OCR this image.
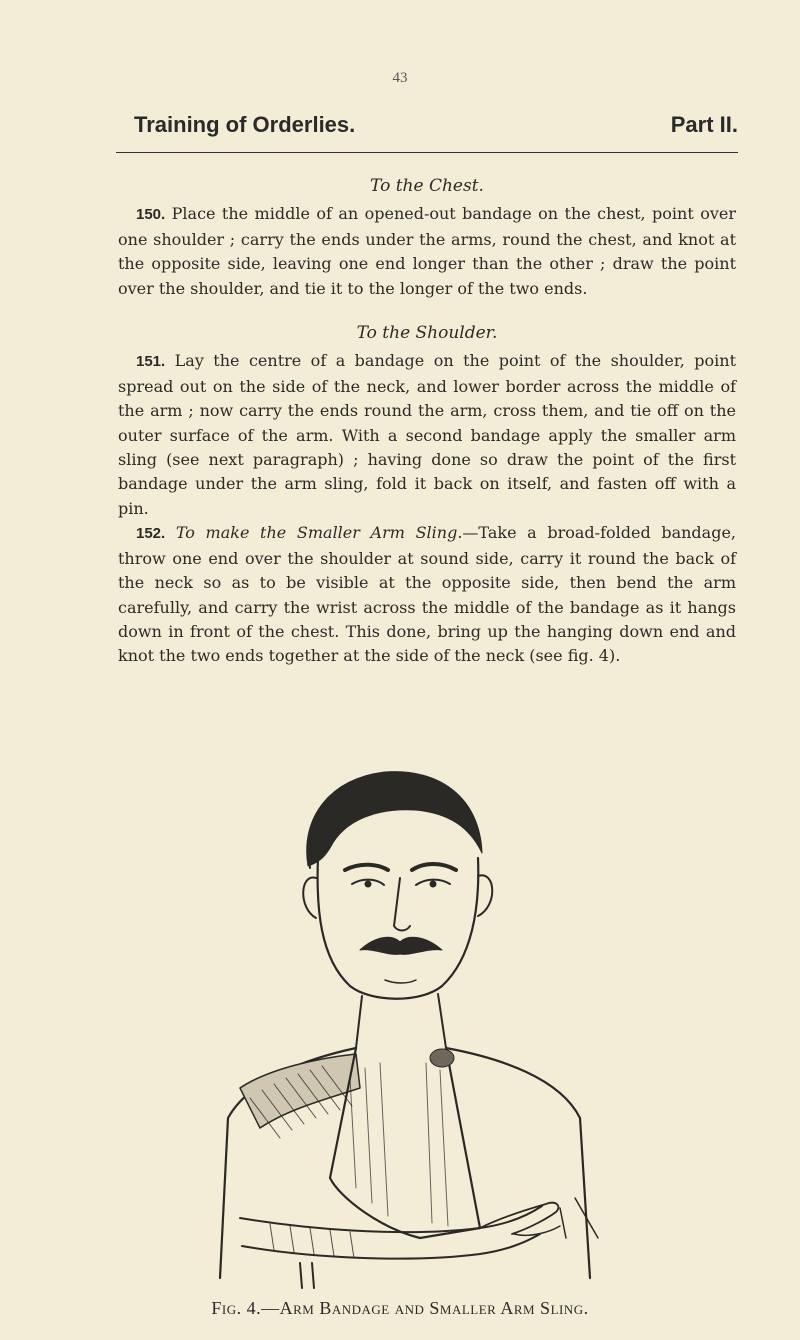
43
Training of Orderlies.	Part II.
To the Chest.

150. Place the middle of an opened-out bandage on the chest, point over one shoulder ; carry the ends under the arms, round the chest, and knot at the opposite side, leaving one end longer than the other ; draw the point over the shoulder, and tie it to the longer of the two ends.

To the Shoulder.

151. Lay the centre of a bandage on the point of the shoulder, point spread out on the side of the neck, and lower border across the middle of the arm ; now carry the ends round the arm, cross them, and tie off on the outer surface of the arm. With a second bandage apply the smaller arm sling (see next paragraph) ; having done so draw the point of the first bandage under the arm sling, fold it back on itself, and fasten off with a pin.

152. To make the Smaller Arm Sling.—Take a broad-folded bandage, throw one end over the shoulder at sound side, carry it round the back of the neck so as to be visible at the opposite side, then bend the arm carefully, and carry the wrist across the middle of the bandage as it hangs down in front of the chest. This done, bring up the hanging down end and knot the two ends together at the side of the neck (see fig. 4).

Fig. 4.—Arm Bandage and Smaller Arm Sling.
